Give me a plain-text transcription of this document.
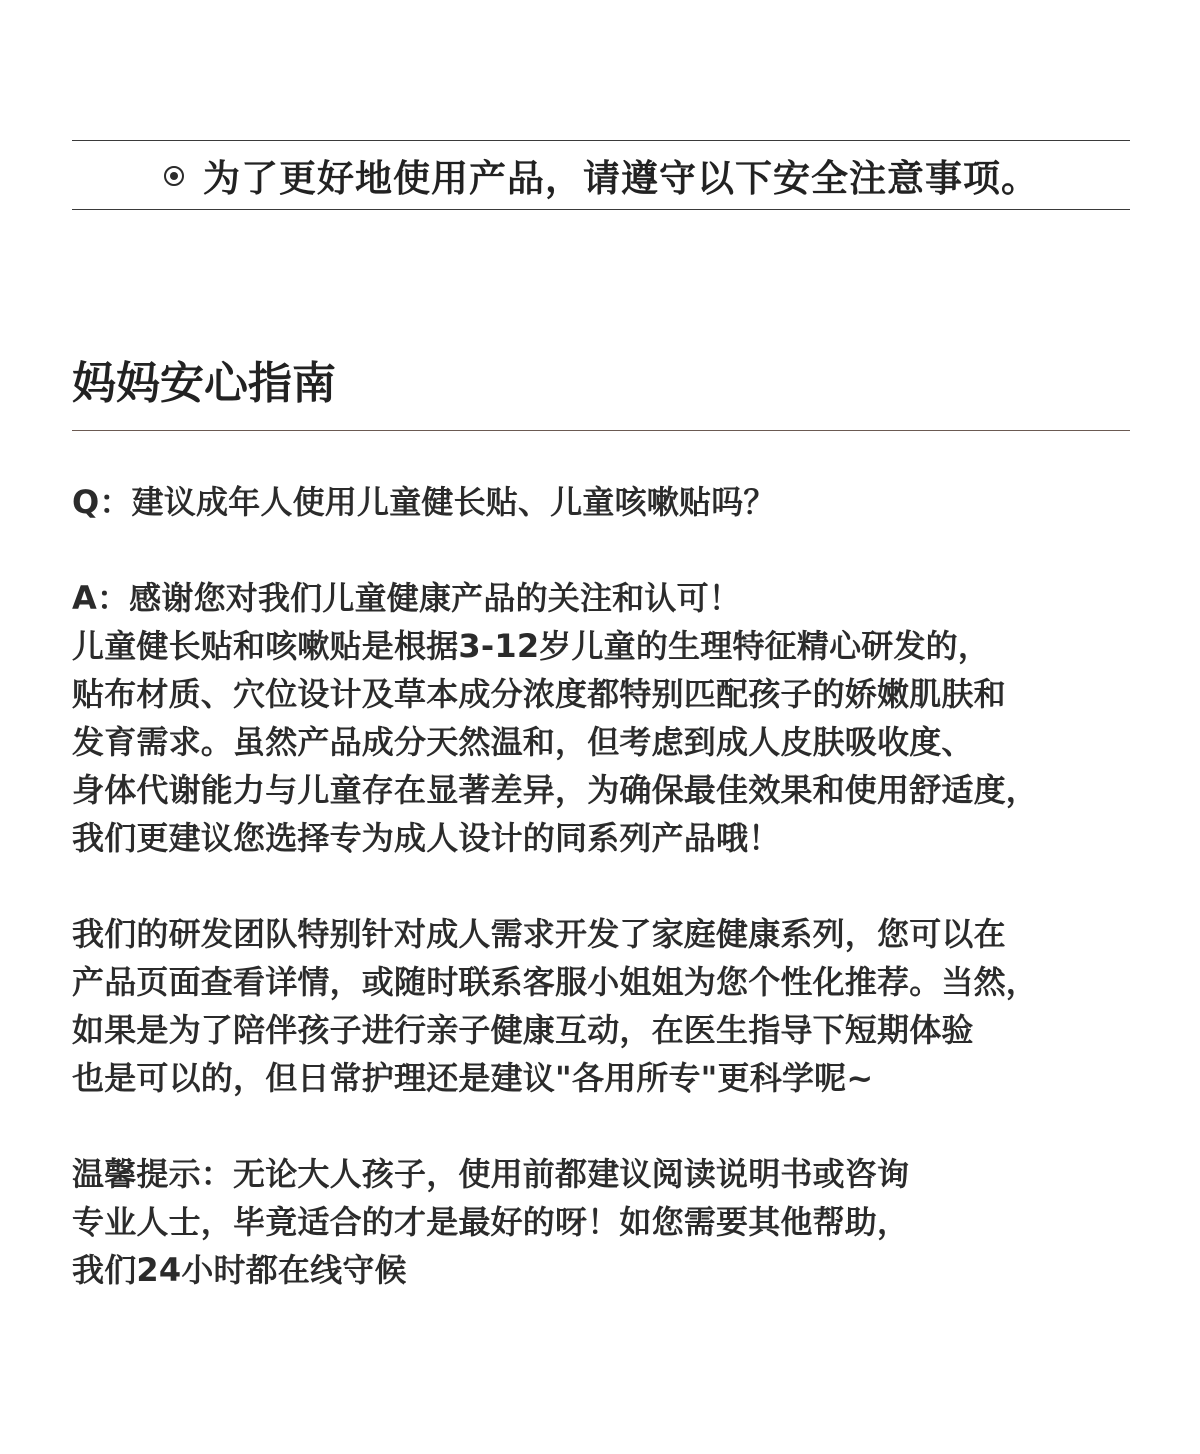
为了更好地使用产品，请遵守以下安全注意事项。
妈妈安心指南
Q：建议成年人使用儿童健长贴、儿童咳嗽贴吗？
A：感谢您对我们儿童健康产品的关注和认可！
儿童健长贴和咳嗽贴是根据3-12岁儿童的生理特征精心研发的，
贴布材质、穴位设计及草本成分浓度都特别匹配孩子的娇嫩肌肤和
发育需求。虽然产品成分天然温和，但考虑到成人皮肤吸收度、
身体代谢能力与儿童存在显著差异，为确保最佳效果和使用舒适度，
我们更建议您选择专为成人设计的同系列产品哦！
我们的研发团队特别针对成人需求开发了家庭健康系列，您可以在
产品页面查看详情，或随时联系客服小姐姐为您个性化推荐。当然，
如果是为了陪伴孩子进行亲子健康互动，在医生指导下短期体验
也是可以的，但日常护理还是建议"各用所专"更科学呢~
温馨提示：无论大人孩子，使用前都建议阅读说明书或咨询
专业人士，毕竟适合的才是最好的呀！如您需要其他帮助，
我们24小时都在线守候
